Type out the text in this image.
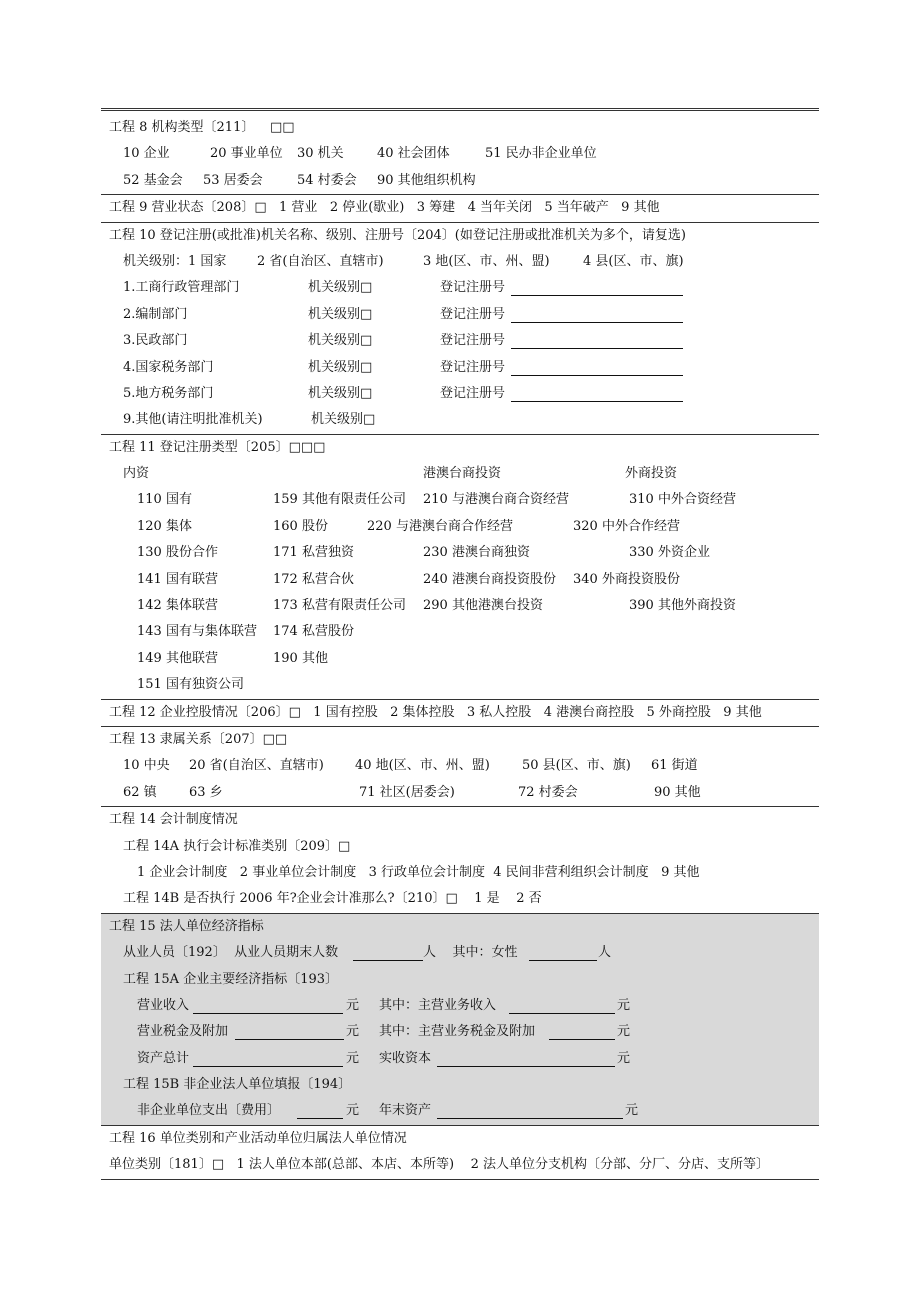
工程 8 机构类型〔211〕 □□
10 企业	20 事业单位 30 机关	40 社会团体	51 民办非企业单位
52 基金会 53 居委会	54 村委会 90 其他组织机构
工程 9 营业状态〔208〕□   1 营业   2 停业(歇业)   3 筹建   4 当年关闭   5 当年破产   9 其他
工程 10 登记注册(或批准)机关名称、级别、注册号〔204〕(如登记注册或批准机关为多个，请复选)
机关级别：1 国家 2 省(自治区、直辖市)	3 地(区、市、州、盟)	4 县(区、市、旗)
1.工商行政管理部门	机关级别□	登记注册号
2.编制部门	机关级别□	登记注册号
3.民政部门	机关级别□	登记注册号
4.国家税务部门	机关级别□	登记注册号
5.地方税务部门	机关级别□	登记注册号
9.其他(请注明批准机关)	机关级别□
工程 11 登记注册类型〔205〕□□□
内资	港澳台商投资	外商投资
110 国有	159 其他有限责任公司 210 与港澳台商合资经营	310 中外合资经营
120 集体	160 股份	220 与港澳台商合作经营	320 中外合作经营
130 股份合作	171 私营独资	230 港澳台商独资	330 外资企业
141 国有联营	172 私营合伙	240 港澳台商投资股份 340 外商投资股份
142 集体联营	173 私营有限责任公司 290 其他港澳台投资	390 其他外商投资
143 国有与集体联营 174 私营股份
149 其他联营	190 其他
151 国有独资公司
工程 12 企业控股情况〔206〕□   1 国有控股   2 集体控股   3 私人控股   4 港澳台商控股   5 外商控股   9 其他
工程 13 隶属关系〔207〕□□
10 中央 20 省(自治区、直辖市) 40 地(区、市、州、盟) 50 县(区、市、旗) 61 街道
62 镇 63 乡	71 社区(居委会)	72 村委会	90 其他
工程 14 会计制度情况
工程 14A 执行会计标准类别〔209〕□
1 企业会计制度   2 事业单位会计制度   3 行政单位会计制度  4 民间非营利组织会计制度   9 其他
工程 14B 是否执行 2006 年?企业会计准那么?〔210〕□    1 是    2 否
工程 15 法人单位经济指标
从业人员〔192〕  从业人员期末人数	人    其中：女性	人
工程 15A 企业主要经济指标〔193〕
营业收入	元 其中：主营业务收入	元
营业税金及附加	元 其中：主营业务税金及附加	元
资产总计	元 实收资本	元
工程 15B 非企业法人单位填报〔194〕
非企业单位支出〔费用〕	元 年末资产	元
工程 16 单位类别和产业活动单位归属法人单位情况
单位类别〔181〕□   1 法人单位本部(总部、本店、本所等)    2 法人单位分支机构〔分部、分厂、分店、支所等〕
